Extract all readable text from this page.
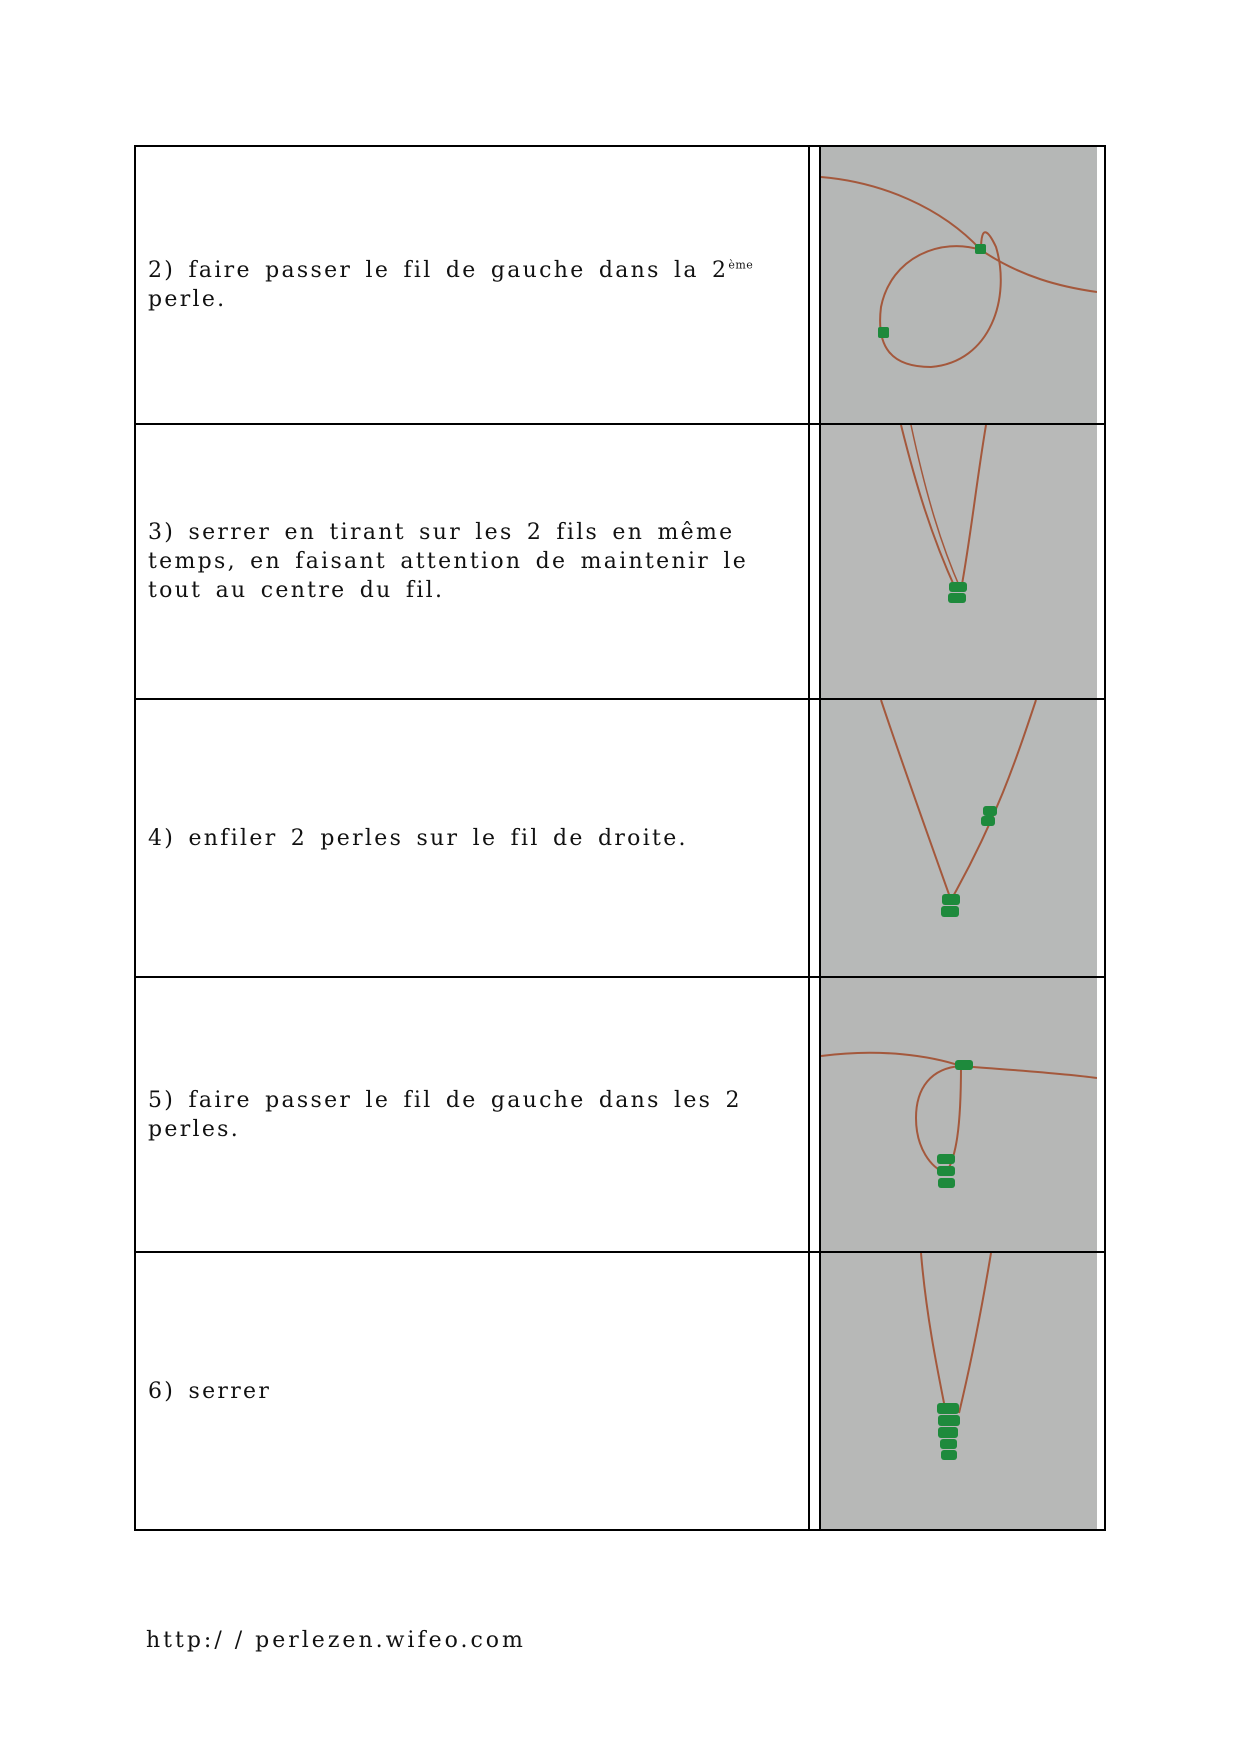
2) faire passer le fil de gauche dans la 2ème perle.

3) serrer en tirant sur les 2 fils en même temps, en faisant attention de maintenir le tout au centre du fil.

4) enfiler 2 perles sur le fil de droite.

5) faire passer le fil de gauche dans les 2 perles.

6) serrer

http:/ / perlezen.wifeo.com
